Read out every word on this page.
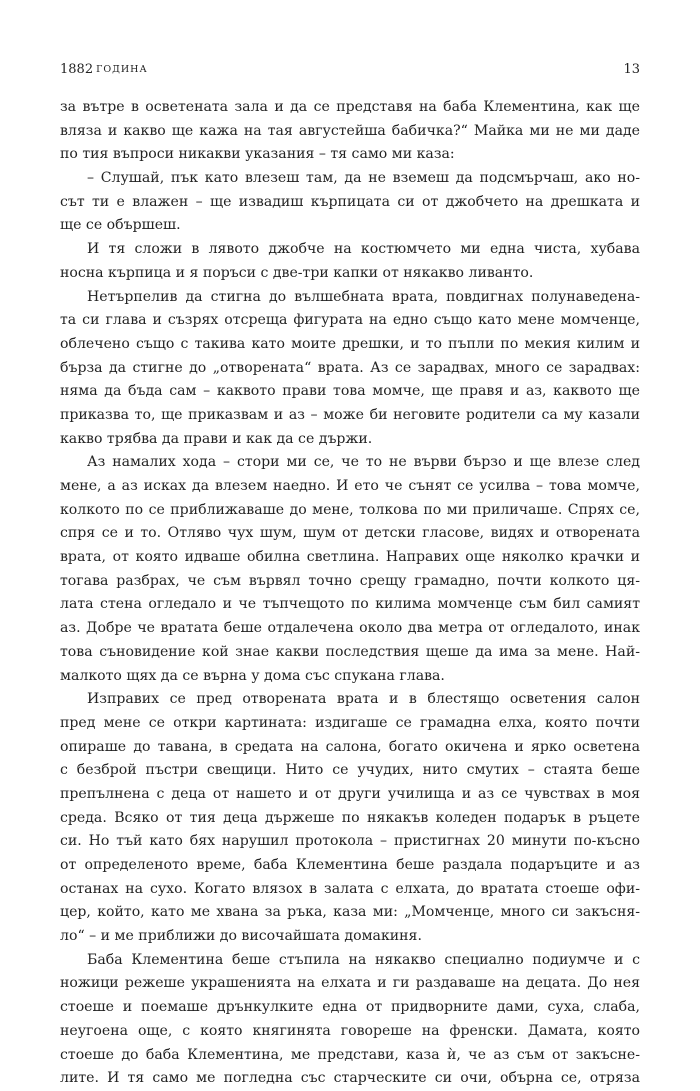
1882 ГОДИНА	13
за вътре в осветената зала и да се представя на баба Клементина, как ще
вляза и какво ще кажа на тая августейша бабичка?“ Майка ми не ми даде
по тия въпроси никакви указания – тя само ми каза:
– Слушай, пък като влезеш там, да не вземеш да подсмърчаш, ако но-
сът ти е влажен – ще извадиш кърпицата си от джобчето на дрешката и
ще се обършеш.
И тя сложи в лявото джобче на костюмчето ми една чиста, хубава
носна кърпица и я поръси с две-три капки от някакво ливанто.
Нетърпелив да стигна до вълшебната врата, повдигнах полунаведена-
та си глава и съзрях отсреща фигурата на едно също като мене момченце,
облечено също с такива като моите дрешки, и то пъпли по мекия килим и
бърза да стигне до „отворената“ врата. Аз се зарадвах, много се зарадвах:
няма да бъда сам – каквото прави това момче, ще правя и аз, каквото ще
приказва то, ще приказвам и аз – може би неговите родители са му казали
какво трябва да прави и как да се държи.
Аз намалих хода – стори ми се, че то не върви бързо и ще влезе след
мене, а аз исках да влезем наедно. И ето че сънят се усилва – това момче,
колкото по се приближаваше до мене, толкова по ми приличаше. Спрях се,
спря се и то. Отляво чух шум, шум от детски гласове, видях и отворената
врата, от която идваше обилна светлина. Направих още няколко крачки и
тогава разбрах, че съм вървял точно срещу грамадно, почти колкото ця-
лата стена огледало и че тъпчещото по килима момченце съм бил самият
аз. Добре че вратата беше отдалечена около два метра от огледалото, инак
това съновидение кой знае какви последствия щеше да има за мене. Най-
малкото щях да се върна у дома със спукана глава.
Изправих се пред отворената врата и в блестящо осветения салон
пред мене се откри картината: издигаше се грамадна елха, която почти
опираше до тавана, в средата на салона, богато окичена и ярко осветена
с безброй пъстри свещици. Нито се учудих, нито смутих – стаята беше
препълнена с деца от нашето и от други училища и аз се чувствах в моя
среда. Всяко от тия деца държеше по някакъв коледен подарък в ръцете
си. Но тъй като бях нарушил протокола – пристигнах 20 минути по-късно
от определеното време, баба Клементина беше раздала подаръците и аз
останах на сухо. Когато влязох в залата с елхата, до вратата стоеше офи-
цер, който, като ме хвана за ръка, каза ми: „Момченце, много си закъсня-
ло“ – и ме приближи до височайшата домакиня.
Баба Клементина беше стъпила на някакво специално подиумче и с
ножици режеше украшенията на елхата и ги раздаваше на децата. До нея
стоеше и поемаше дрънкулките една от придворните дами, суха, слаба,
неугоена още, с която княгинята говореше на френски. Дамата, която
стоеше до баба Клементина, ме представи, каза ѝ, че аз съм от закъсне-
лите. И тя само ме погледна със старческите си очи, обърна се, отряза
